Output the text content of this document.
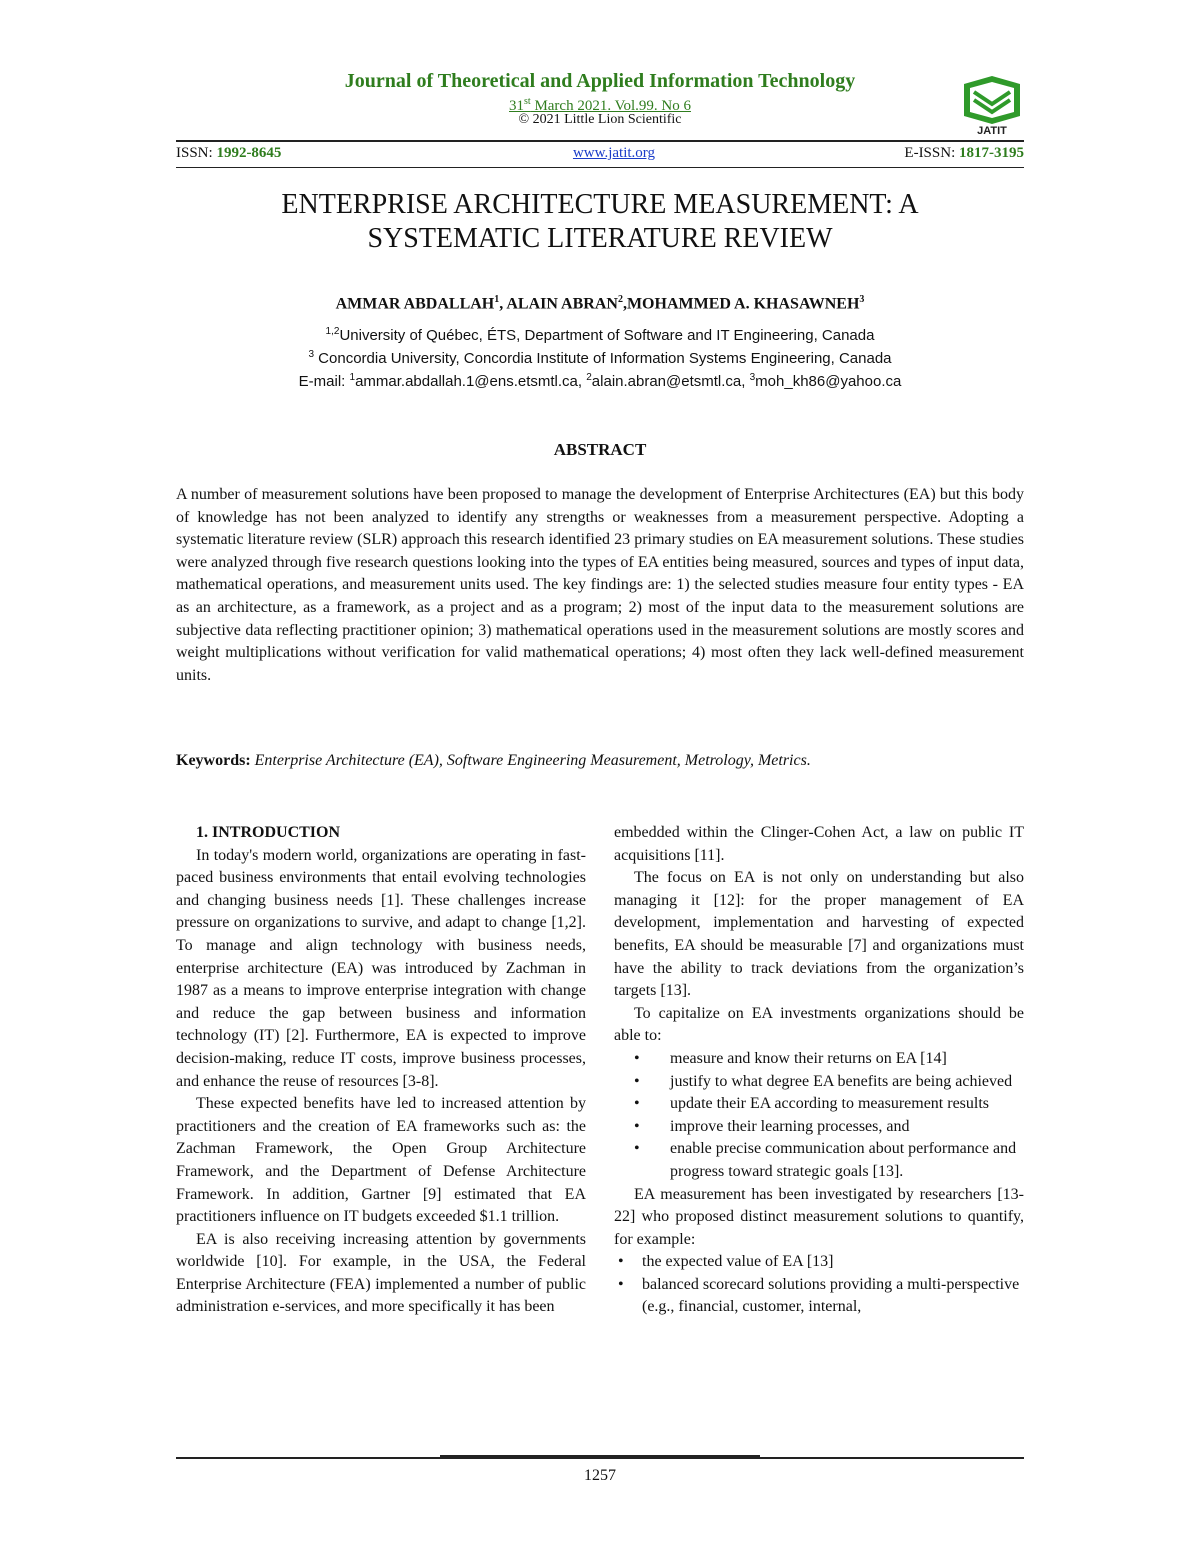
Journal of Theoretical and Applied Information Technology
31st March 2021. Vol.99. No 6
© 2021 Little Lion Scientific
JATIT
ISSN: 1992-8645	www.jatit.org	E-ISSN: 1817-3195
ENTERPRISE ARCHITECTURE MEASUREMENT: A
SYSTEMATIC LITERATURE REVIEW
AMMAR ABDALLAH$^1$, ALAIN ABRAN$^2$,MOHAMMED A. KHASAWNEH$^3$
$^{1,2}$University of Québec, ÉTS, Department of Software and IT Engineering, Canada
$^3$ Concordia University, Concordia Institute of Information Systems Engineering, Canada
E-mail: $^1$ammar.abdallah.1@ens.etsmtl.ca, $^2$alain.abran@etsmtl.ca, $^3$moh_kh86@yahoo.ca
ABSTRACT
A number of measurement solutions have been proposed to manage the development of Enterprise Architectures (EA) but this body of knowledge has not been analyzed to identify any strengths or weaknesses from a measurement perspective. Adopting a systematic literature review (SLR) approach this research identified 23 primary studies on EA measurement solutions. These studies were analyzed through five research questions looking into the types of EA entities being measured, sources and types of input data, mathematical operations, and measurement units used. The key findings are: 1) the selected studies measure four entity types - EA as an architecture, as a framework, as a project and as a program; 2) most of the input data to the measurement solutions are subjective data reflecting practitioner opinion; 3) mathematical operations used in the measurement solutions are mostly scores and weight multiplications without verification for valid mathematical operations; 4) most often they lack well-defined measurement units.
Keywords: Enterprise Architecture (EA), Software Engineering Measurement, Metrology, Metrics.

1. INTRODUCTION

In today's modern world, organizations are operating in fast-paced business environments that entail evolving technologies and changing business needs [1]. These challenges increase pressure on organizations to survive, and adapt to change [1,2]. To manage and align technology with business needs, enterprise architecture (EA) was introduced by Zachman in 1987 as a means to improve enterprise integration with change and reduce the gap between business and information technology (IT) [2]. Furthermore, EA is expected to improve decision-making, reduce IT costs, improve business processes, and enhance the reuse of resources [3-8].

These expected benefits have led to increased attention by practitioners and the creation of EA frameworks such as: the Zachman Framework, the Open Group Architecture Framework, and the Department of Defense Architecture Framework. In addition, Gartner [9] estimated that EA practitioners influence on IT budgets exceeded $1.1 trillion.

EA is also receiving increasing attention by governments worldwide [10]. For example, in the USA, the Federal Enterprise Architecture (FEA) implemented a number of public administration e-services, and more specifically it has been

embedded within the Clinger-Cohen Act, a law on public IT acquisitions [11].

The focus on EA is not only on understanding but also managing it [12]: for the proper management of EA development, implementation and harvesting of expected benefits, EA should be measurable [7] and organizations must have the ability to track deviations from the organization’s targets [13].

To capitalize on EA investments organizations should be able to:

• measure and know their returns on EA [14]
• justify to what degree EA benefits are being achieved
• update their EA according to measurement results
• improve their learning processes, and
• enable precise communication about performance and progress toward strategic goals [13].

EA measurement has been investigated by researchers [13-22] who proposed distinct measurement solutions to quantify, for example:

• the expected value of EA [13]
• balanced scorecard solutions providing a multi-perspective (e.g., financial, customer, internal,
1257
